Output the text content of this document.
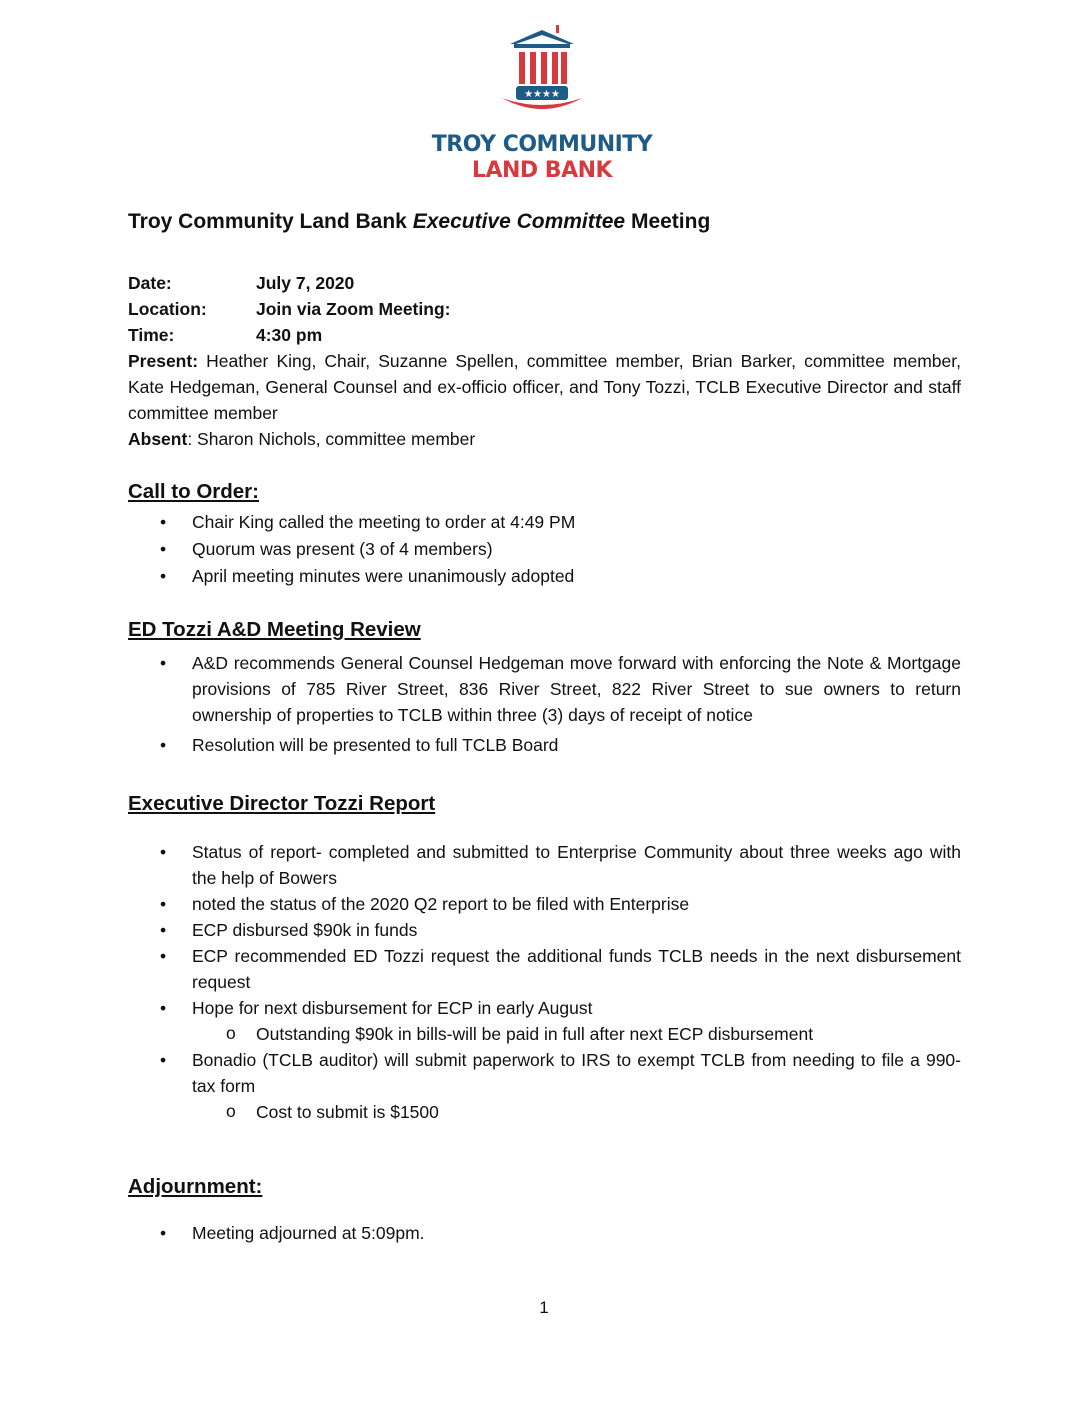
★★★★
TROY COMMUNITY
LAND BANK
Troy Community Land Bank Executive Committee Meeting
Date:	July 7, 2020
Location:	Join via Zoom Meeting:
Time:	4:30 pm
Present: Heather King, Chair, Suzanne Spellen, committee member, Brian Barker, committee member, Kate Hedgeman, General Counsel and ex-officio officer, and Tony Tozzi, TCLB Executive Director and staff committee member
Absent: Sharon Nichols, committee member
Call to Order:
• Chair King called the meeting to order at 4:49 PM
• Quorum was present (3 of 4 members)
• April meeting minutes were unanimously adopted
ED Tozzi A&D Meeting Review
• A&D recommends General Counsel Hedgeman move forward with enforcing the Note & Mortgage provisions of 785 River Street, 836 River Street, 822 River Street to sue owners to return ownership of properties to TCLB within three (3) days of receipt of notice
• Resolution will be presented to full TCLB Board
Executive Director Tozzi Report
• Status of report- completed and submitted to Enterprise Community about three weeks ago with the help of Bowers
• noted the status of the 2020 Q2 report to be filed with Enterprise
• ECP disbursed $90k in funds
• ECP recommended ED Tozzi request the additional funds TCLB needs in the next disbursement request
• Hope for next disbursement for ECP in early August
o Outstanding $90k in bills-will be paid in full after next ECP disbursement
• Bonadio (TCLB auditor) will submit paperwork to IRS to exempt TCLB from needing to file a 990-tax form
o Cost to submit is $1500
Adjournment:
• Meeting adjourned at 5:09pm.
1
